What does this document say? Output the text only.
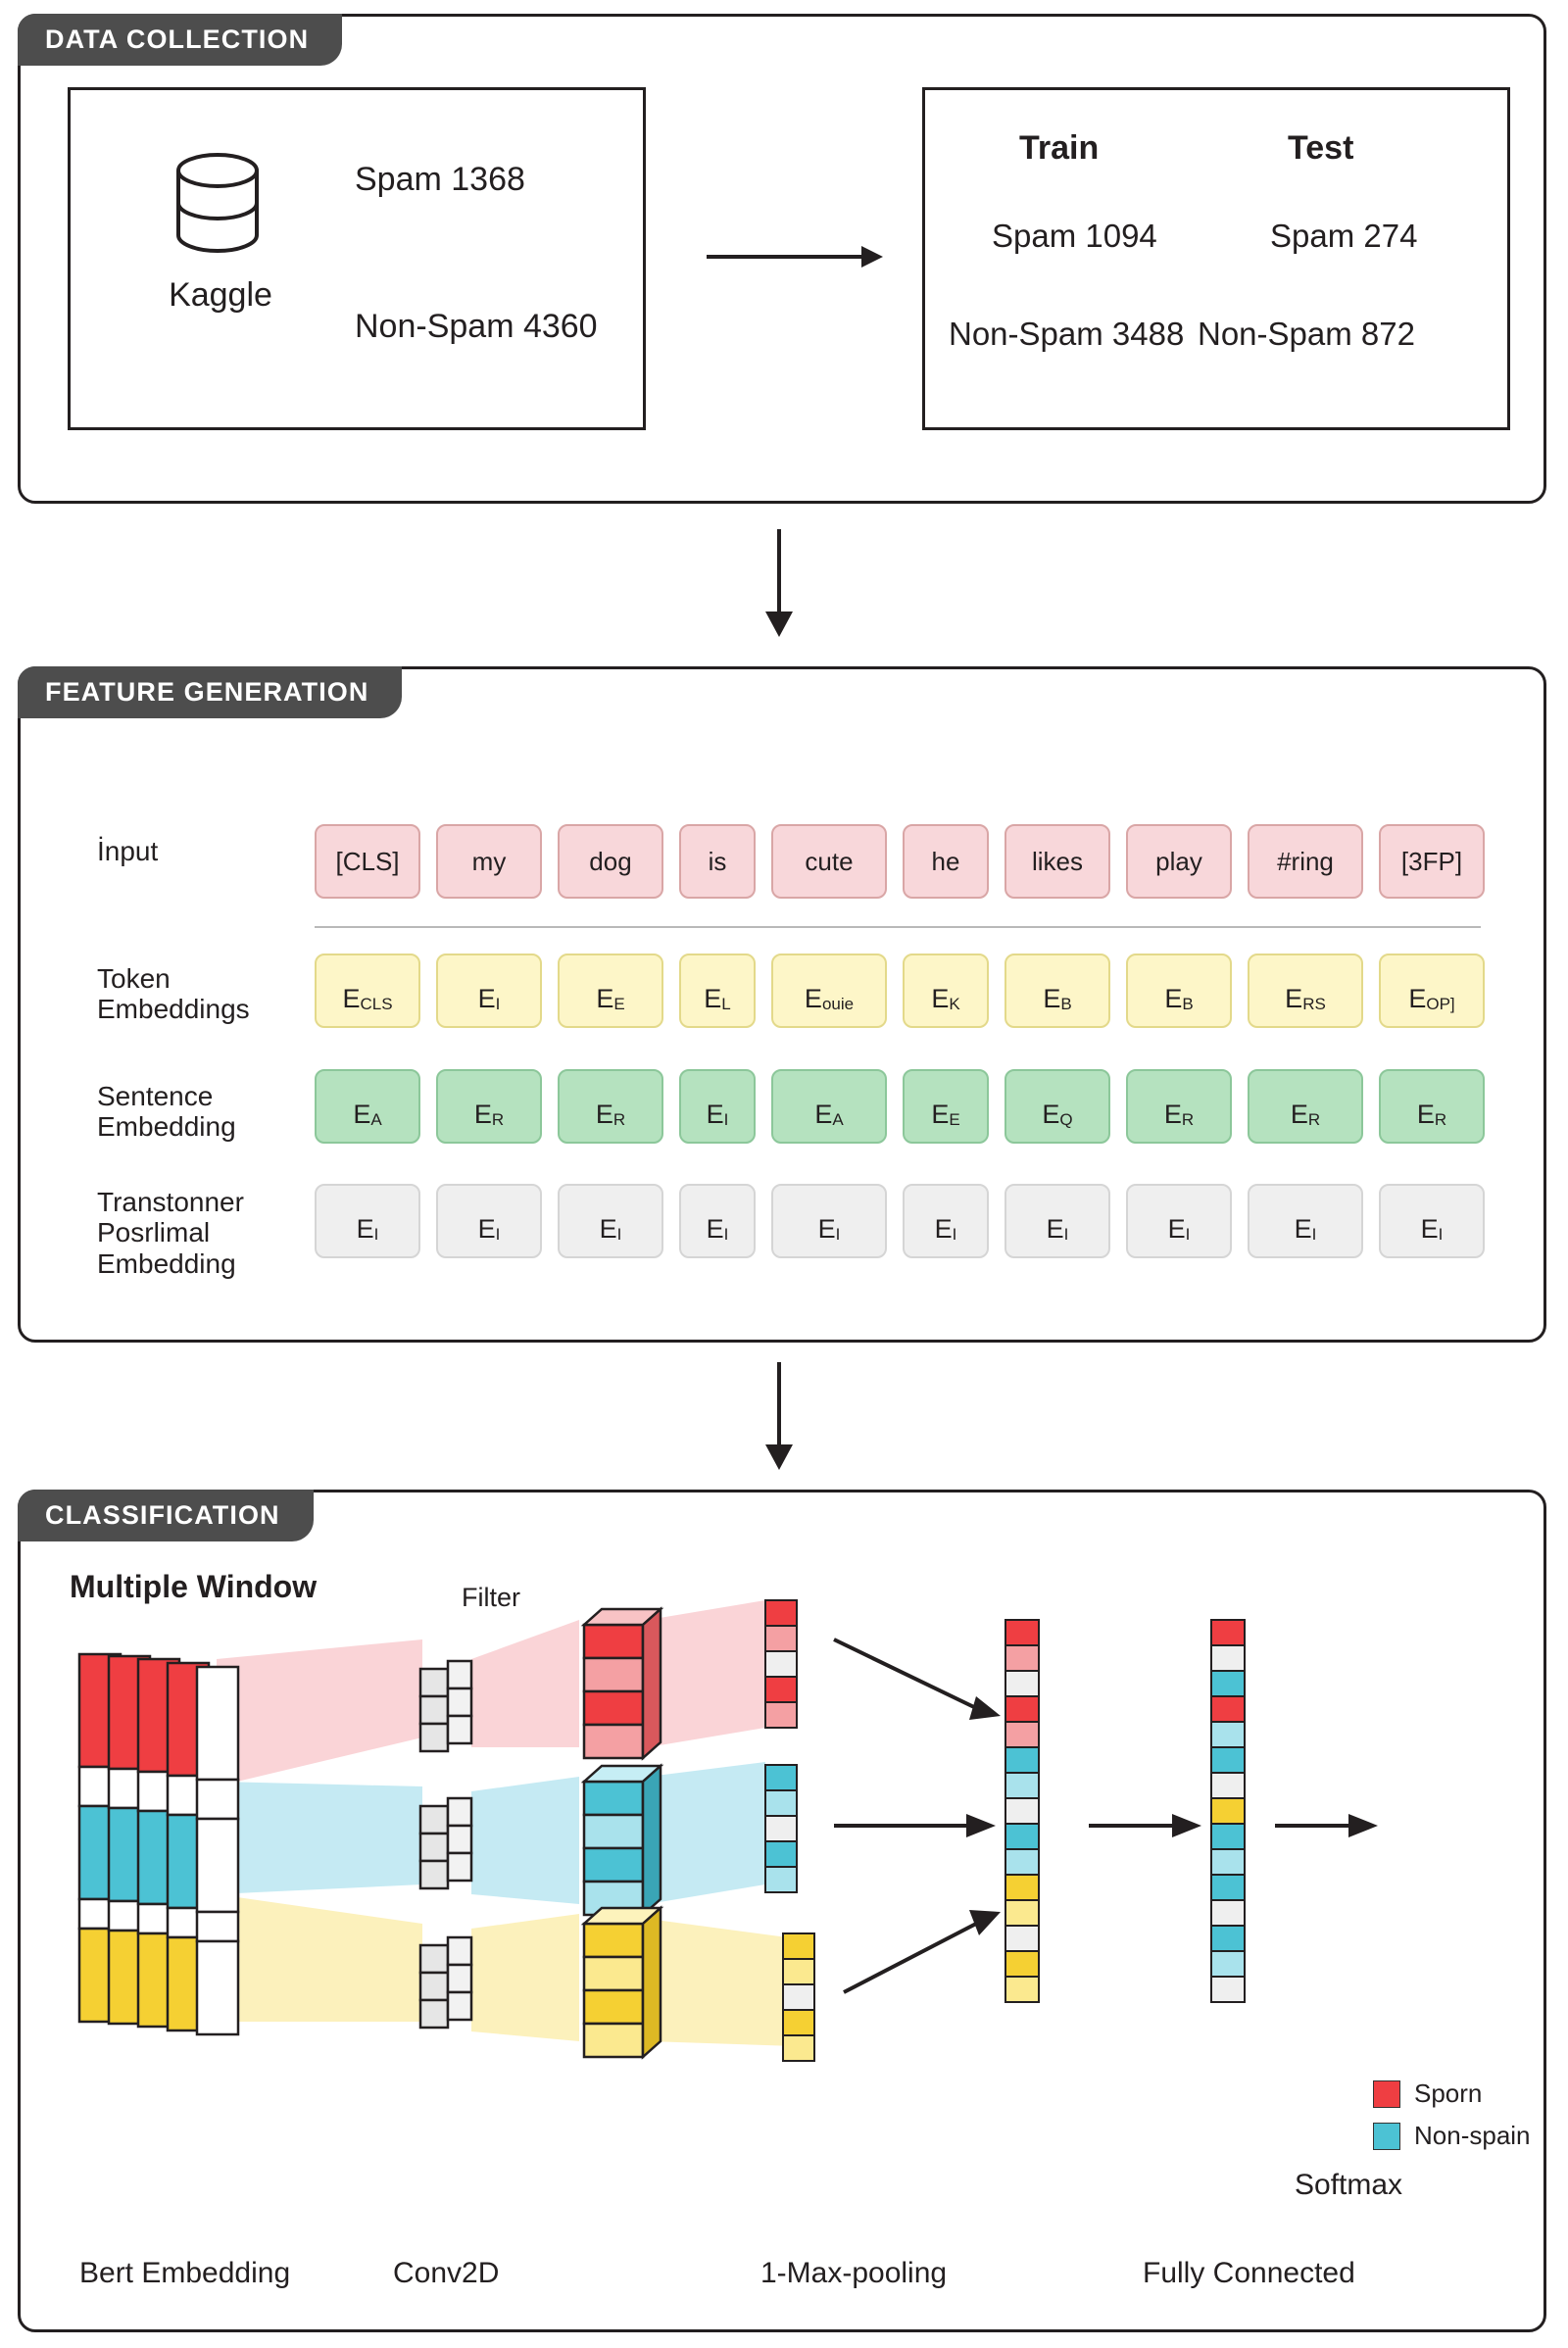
DATA COLLECTION
Kaggle
Spam 1368
Non-Spam 4360
Train	Test
Spam 1094	Spam 274
Non-Spam 3488 Non-Spam 872
FEATURE GENERATION
İnput
Token
Embeddings
Sentence
Embedding
Transtonner
Posrlimal
Embedding
[CLS]	my	dog	is	cute	he	likes	play	#ring	[3FP]
$E_{CLS}$	$E_I$	$E_E$	$E_L$	$E_{ouie}$	$E_K$	$E_B$	$E_B$	$E_{RS}$	$E_{OP]}$
$E_A$	$E_R$	$E_R$	$E_I$	$E_A$	$E_E$	$E_Q$	$E_R$	$E_R$	$E_R$
$E_I$	$E_I$	$E_I$	$E_I$	$E_I$	$E_I$	$E_I$	$E_I$	$E_I$	$E_I$
CLASSIFICATION
Multiple Window	Filter
Sporn
Non-spain
Softmax
Bert Embedding	Conv2D	1-Max-pooling	Fully Connected
